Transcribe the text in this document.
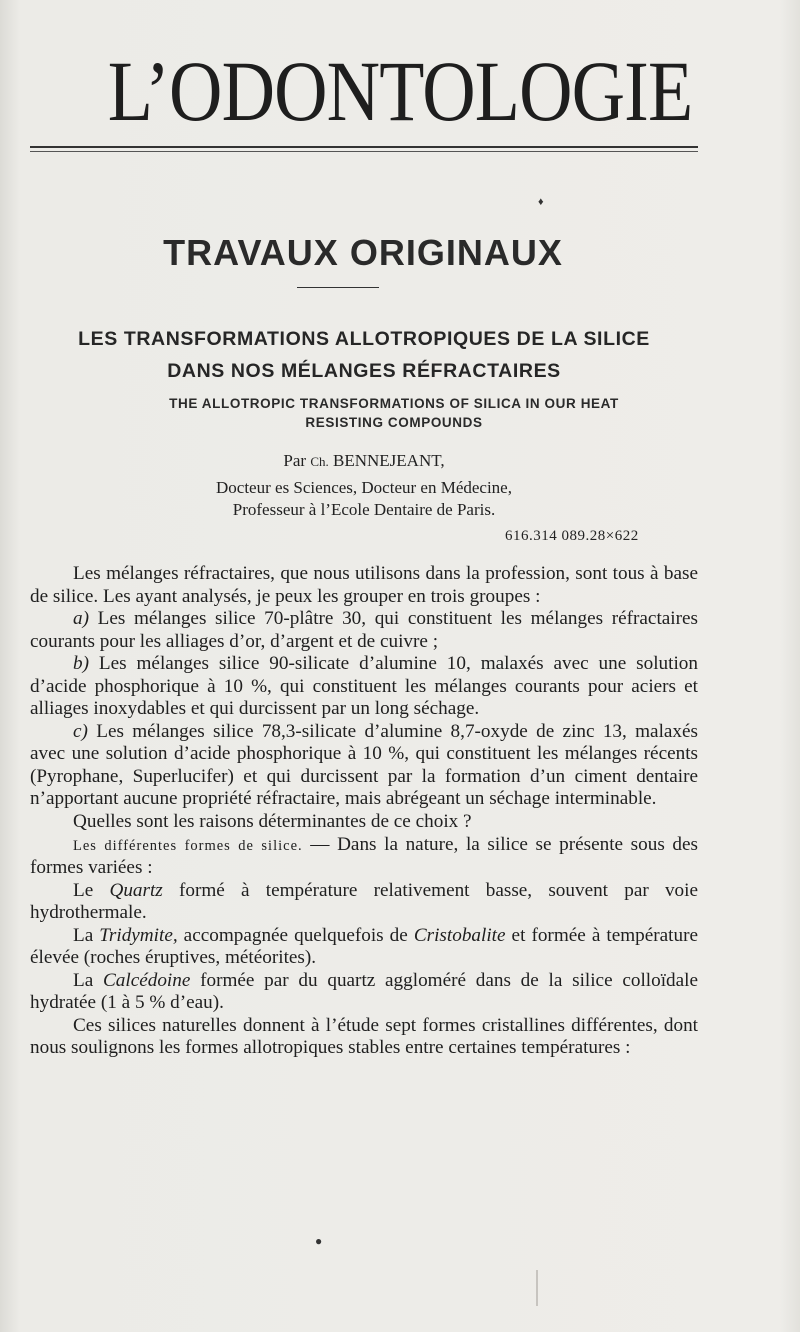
L’ODONTOLOGIE
♦
TRAVAUX ORIGINAUX
LES TRANSFORMATIONS ALLOTROPIQUES DE LA SILICE
DANS NOS MÉLANGES RÉFRACTAIRES
THE ALLOTROPIC TRANSFORMATIONS OF SILICA IN OUR HEAT
RESISTING COMPOUNDS
Par Ch. BENNEJEANT,
Docteur es Sciences, Docteur en Médecine,
Professeur à l’Ecole Dentaire de Paris.
616.314 089.28×622

Les mélanges réfractaires, que nous utilisons dans la profession, sont tous à base de silice. Les ayant analysés, je peux les grouper en trois groupes :

a) Les mélanges silice 70-plâtre 30, qui constituent les mélanges réfractaires courants pour les alliages d’or, d’argent et de cuivre ;

b) Les mélanges silice 90-silicate d’alumine 10, malaxés avec une solution d’acide phosphorique à 10 %, qui constituent les mélanges courants pour aciers et alliages inoxydables et qui durcissent par un long séchage.

c) Les mélanges silice 78,3-silicate d’alumine 8,7-oxyde de zinc 13, malaxés avec une solution d’acide phosphorique à 10 %, qui constituent les mélanges récents (Pyrophane, Superlucifer) et qui durcissent par la formation d’un ciment dentaire n’apportant aucune propriété réfractaire, mais abrégeant un séchage interminable.

Quelles sont les raisons déterminantes de ce choix ?

Les différentes formes de silice. — Dans la nature, la silice se présente sous des formes variées :

Le Quartz formé à température relativement basse, souvent par voie hydrothermale.

La Tridymite, accompagnée quelquefois de Cristobalite et formée à température élevée (roches éruptives, météorites).

La Calcédoine formée par du quartz aggloméré dans de la silice colloïdale hydratée (1 à 5 % d’eau).

Ces silices naturelles donnent à l’étude sept formes cristallines différentes, dont nous soulignons les formes allotropiques stables entre certaines températures :

●
